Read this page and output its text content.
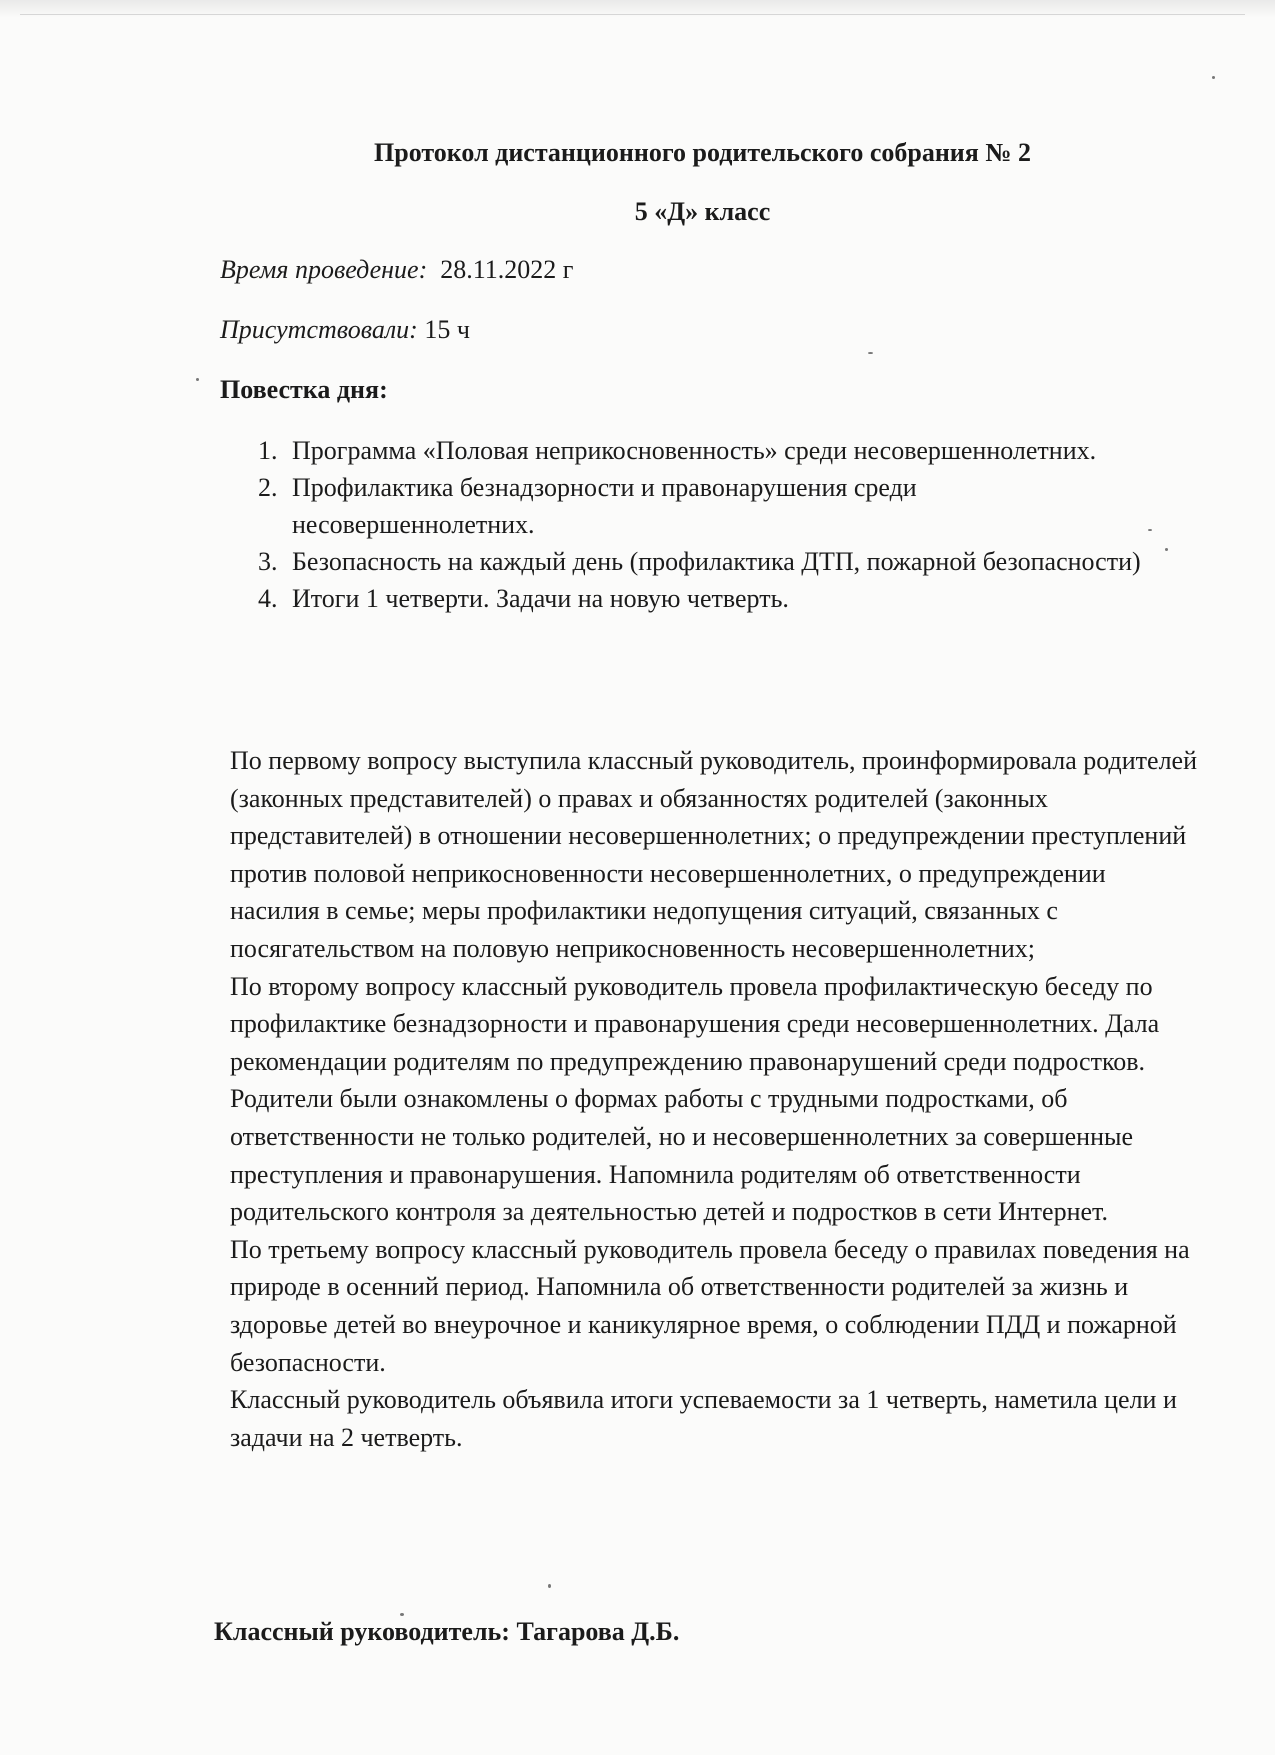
Протокол дистанционного родительского собрания № 2
5 «Д» класс

Время проведение: 28.11.2022 г

Присутствовали: 15 ч

Повестка дня:
1. Программа «Половая неприкосновенность» среди несовершеннолетних.
2. Профилактика безнадзорности и правонарушения среди несовершеннолетних.
3. Безопасность на каждый день (профилактика ДТП, пожарной безопасности)
4. Итоги 1 четверти. Задачи на новую четверть.

По первому вопросу выступила классный руководитель, проинформировала родителей (законных представителей) о правах и обязанностях родителей (законных представителей) в отношении несовершеннолетних; о предупреждении преступлений против половой неприкосновенности несовершеннолетних, о предупреждении насилия в семье; меры профилактики недопущения ситуаций, связанных с посягательством на половую неприкосновенность несовершеннолетних;

По второму вопросу классный руководитель провела профилактическую беседу по профилактике безнадзорности и правонарушения среди несовершеннолетних. Дала рекомендации родителям по предупреждению правонарушений среди подростков. Родители были ознакомлены о формах работы с трудными подростками, об ответственности не только родителей, но и несовершеннолетних за совершенные преступления и правонарушения. Напомнила родителям об ответственности родительского контроля за деятельностью детей и подростков в сети Интернет.

По третьему вопросу классный руководитель провела беседу о правилах поведения на природе в осенний период. Напомнила об ответственности родителей за жизнь и здоровье детей во внеурочное и каникулярное время, о соблюдении ПДД и пожарной безопасности.

Классный руководитель объявила итоги успеваемости за 1 четверть, наметила цели и задачи на 2 четверть.

Классный руководитель: Тагарова Д.Б.
